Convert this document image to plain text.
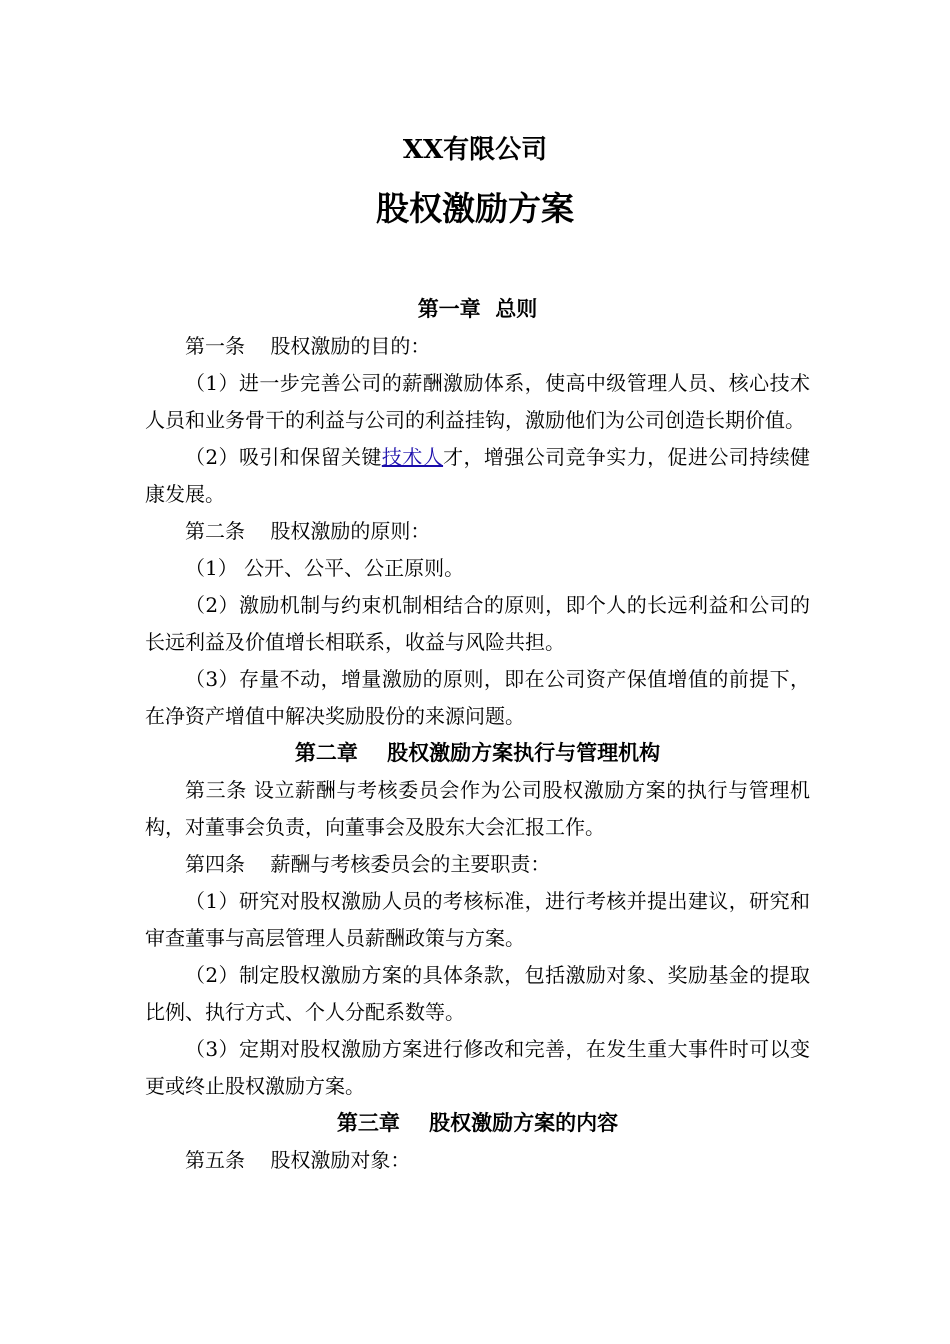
XX有限公司
股权激励方案
第一章  总则

第一条    股权激励的目的：

（1）进一步完善公司的薪酬激励体系，使高中级管理人员、核心技术人员和业务骨干的利益与公司的利益挂钩，激励他们为公司创造长期价值。

（2）吸引和保留关键技术人才，增强公司竞争实力，促进公司持续健康发展。

第二条    股权激励的原则：

（1） 公开、公平、公正原则。

（2）激励机制与约束机制相结合的原则，即个人的长远利益和公司的长远利益及价值增长相联系，收益与风险共担。

（3）存量不动，增量激励的原则，即在公司资产保值增值的前提下，在净资产增值中解决奖励股份的来源问题。

第二章    股权激励方案执行与管理机构

第三条 设立薪酬与考核委员会作为公司股权激励方案的执行与管理机构，对董事会负责，向董事会及股东大会汇报工作。

第四条    薪酬与考核委员会的主要职责：

（1）研究对股权激励人员的考核标准，进行考核并提出建议，研究和审查董事与高层管理人员薪酬政策与方案。

（2）制定股权激励方案的具体条款，包括激励对象、奖励基金的提取比例、执行方式、个人分配系数等。

（3）定期对股权激励方案进行修改和完善，在发生重大事件时可以变更或终止股权激励方案。

第三章    股权激励方案的内容

第五条    股权激励对象：
